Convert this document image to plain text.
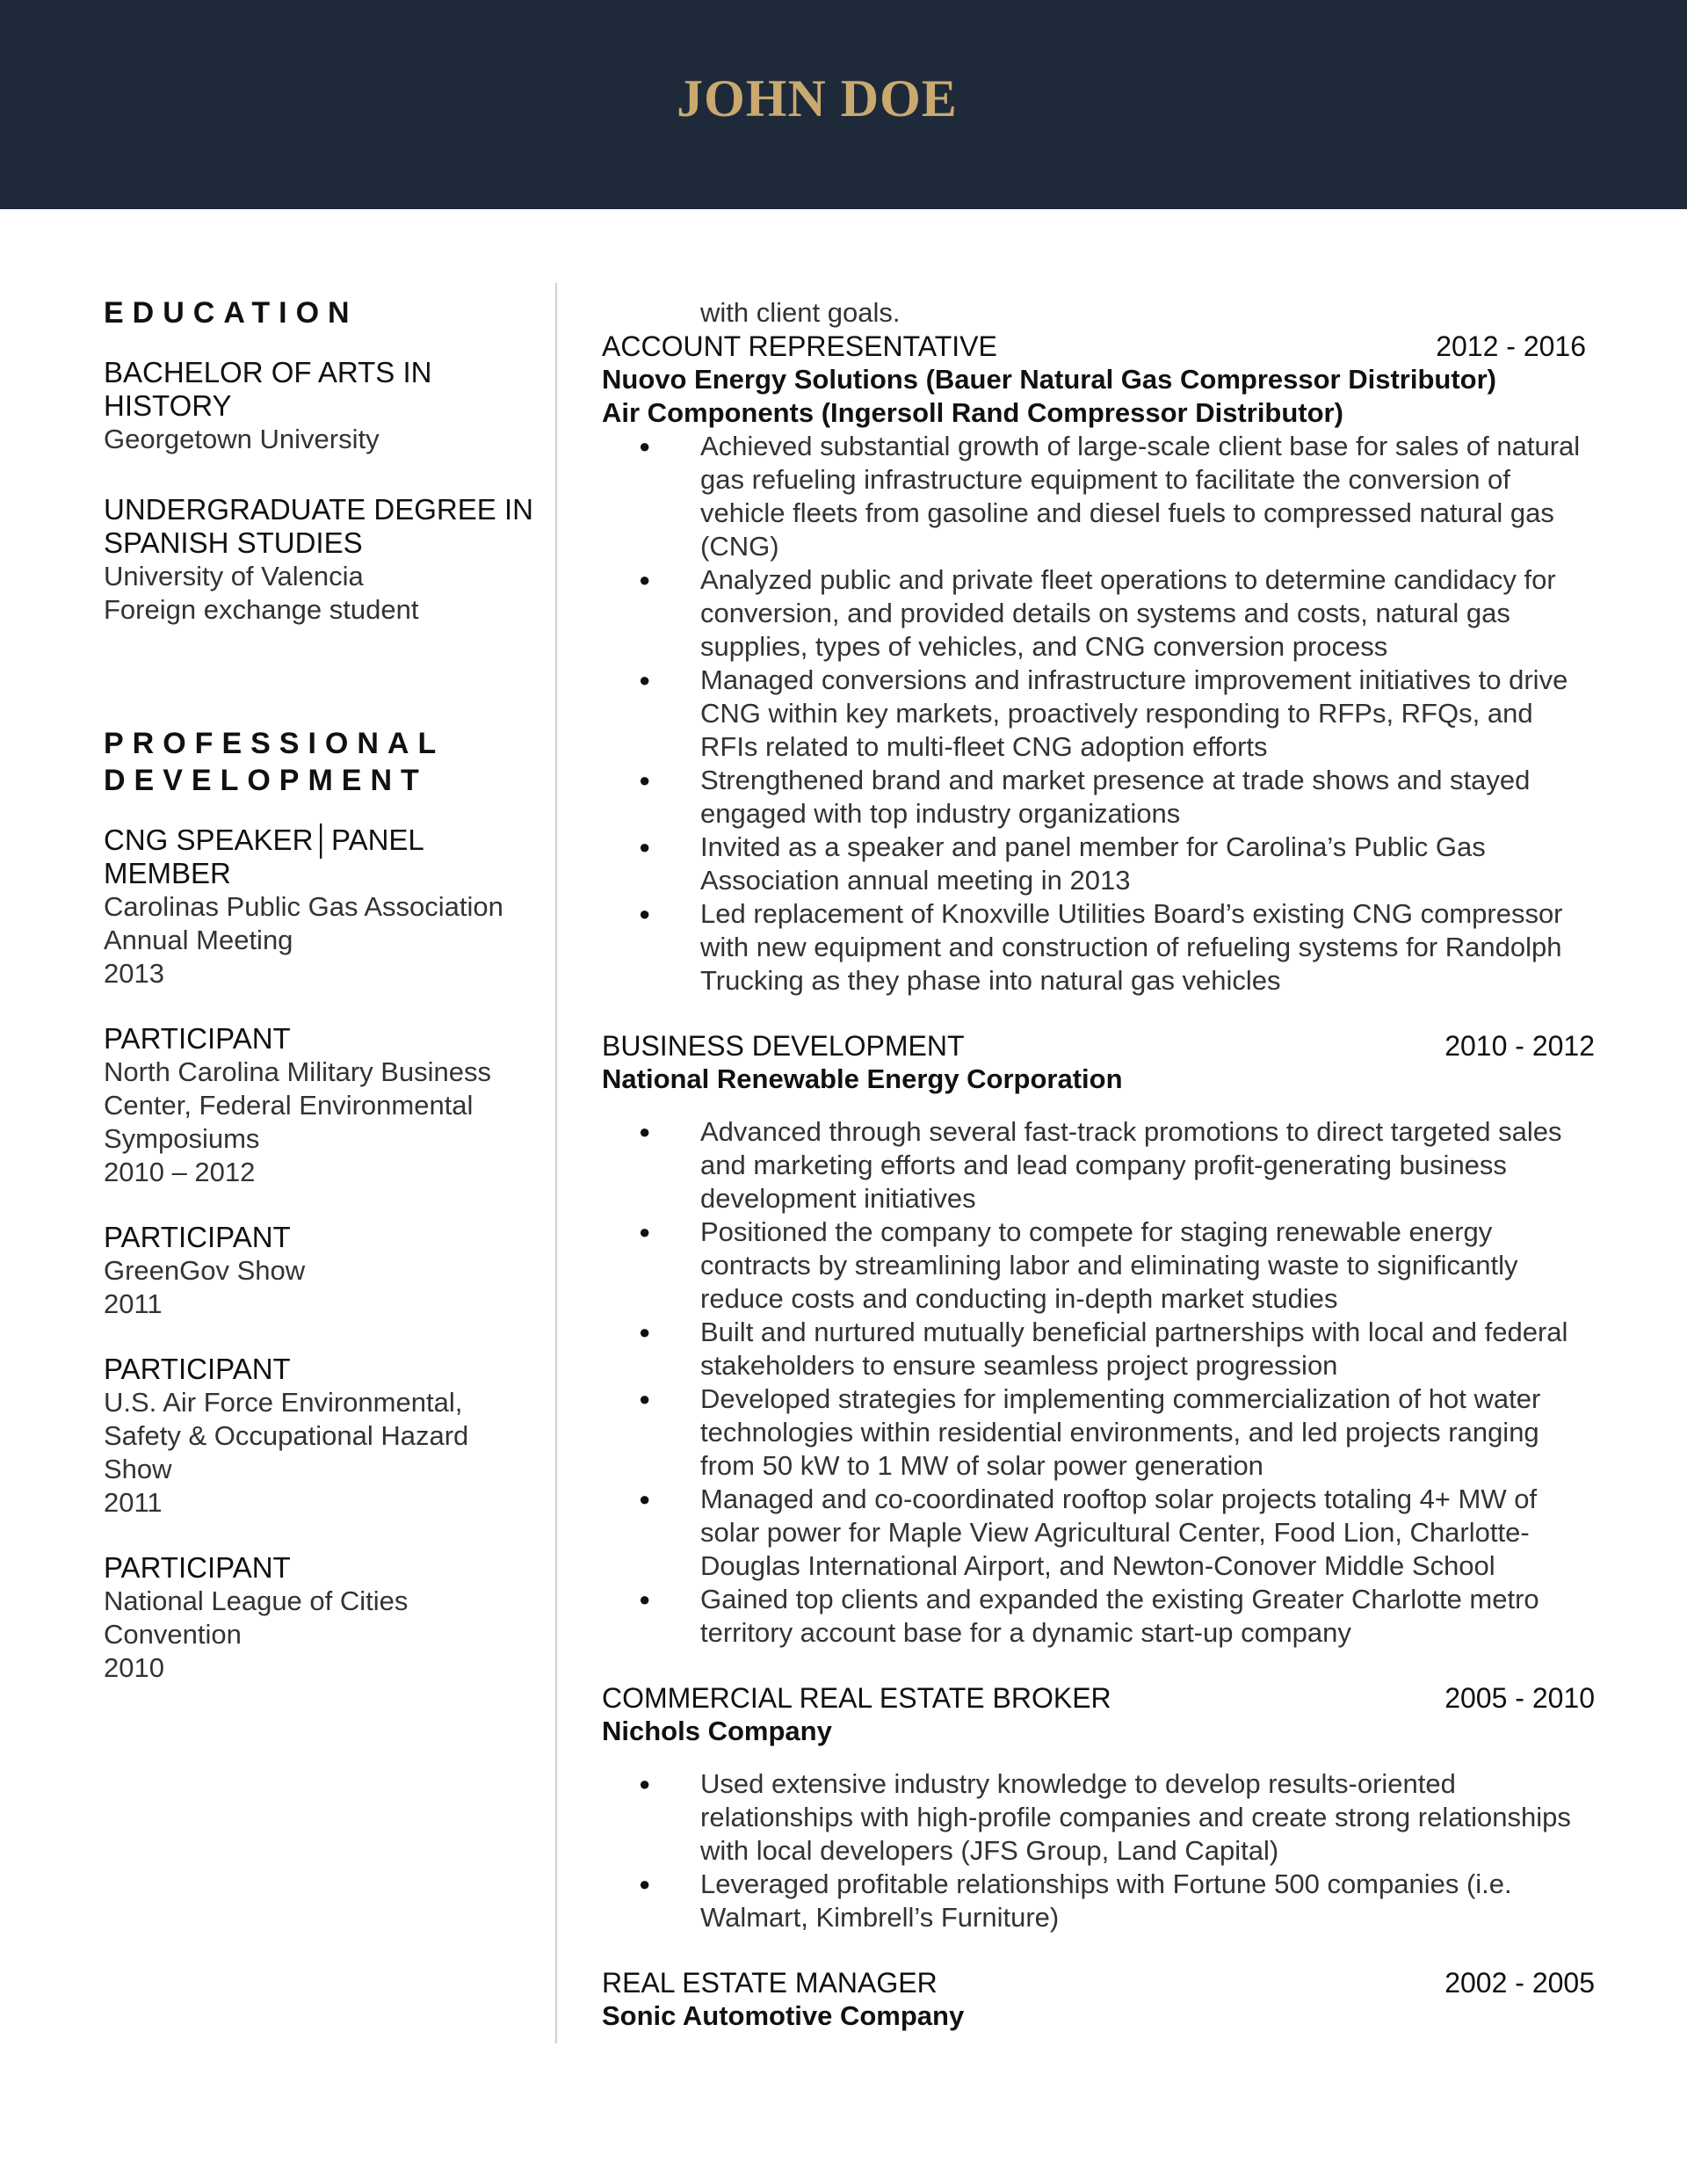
JOHN DOE
EDUCATION
BACHELOR OF ARTS IN HISTORY
Georgetown University
UNDERGRADUATE DEGREE IN
SPANISH STUDIES
University of Valencia
Foreign exchange student
PROFESSIONAL
DEVELOPMENT
CNG SPEAKER│PANEL MEMBER
Carolinas Public Gas Association
Annual Meeting
2013
PARTICIPANT
North Carolina Military Business
Center, Federal Environmental
Symposiums
2010 – 2012
PARTICIPANT
GreenGov Show
2011
PARTICIPANT
U.S. Air Force Environmental,
Safety & Occupational Hazard Show
2011
PARTICIPANT
National League of Cities
Convention
2010
with client goals.
ACCOUNT REPRESENTATIVE	2012 - 2016
Nuovo Energy Solutions (Bauer Natural Gas Compressor Distributor)
Air Components (Ingersoll Rand Compressor Distributor)
● Achieved substantial growth of large-scale client base for sales of natural gas refueling infrastructure equipment to facilitate the conversion of vehicle fleets from gasoline and diesel fuels to compressed natural gas (CNG)
● Analyzed public and private fleet operations to determine candidacy for conversion, and provided details on systems and costs, natural gas supplies, types of vehicles, and CNG conversion process
● Managed conversions and infrastructure improvement initiatives to drive CNG within key markets, proactively responding to RFPs, RFQs, and RFIs related to multi-fleet CNG adoption efforts
● Strengthened brand and market presence at trade shows and stayed engaged with top industry organizations
● Invited as a speaker and panel member for Carolina’s Public Gas Association annual meeting in 2013
● Led replacement of Knoxville Utilities Board’s existing CNG compressor with new equipment and construction of refueling systems for Randolph Trucking as they phase into natural gas vehicles
BUSINESS DEVELOPMENT	2010 - 2012
National Renewable Energy Corporation
● Advanced through several fast-track promotions to direct targeted sales and marketing efforts and lead company profit-generating business development initiatives
● Positioned the company to compete for staging renewable energy contracts by streamlining labor and eliminating waste to significantly reduce costs and conducting in-depth market studies
● Built and nurtured mutually beneficial partnerships with local and federal stakeholders to ensure seamless project progression
● Developed strategies for implementing commercialization of hot water technologies within residential environments, and led projects ranging from 50 kW to 1 MW of solar power generation
● Managed and co-coordinated rooftop solar projects totaling 4+ MW of solar power for Maple View Agricultural Center, Food Lion, Charlotte-Douglas International Airport, and Newton-Conover Middle School
● Gained top clients and expanded the existing Greater Charlotte metro territory account base for a dynamic start-up company
COMMERCIAL REAL ESTATE BROKER	2005 - 2010
Nichols Company
● Used extensive industry knowledge to develop results-oriented relationships with high-profile companies and create strong relationships with local developers (JFS Group, Land Capital)
● Leveraged profitable relationships with Fortune 500 companies (i.e. Walmart, Kimbrell’s Furniture)
REAL ESTATE MANAGER	2002 - 2005
Sonic Automotive Company
